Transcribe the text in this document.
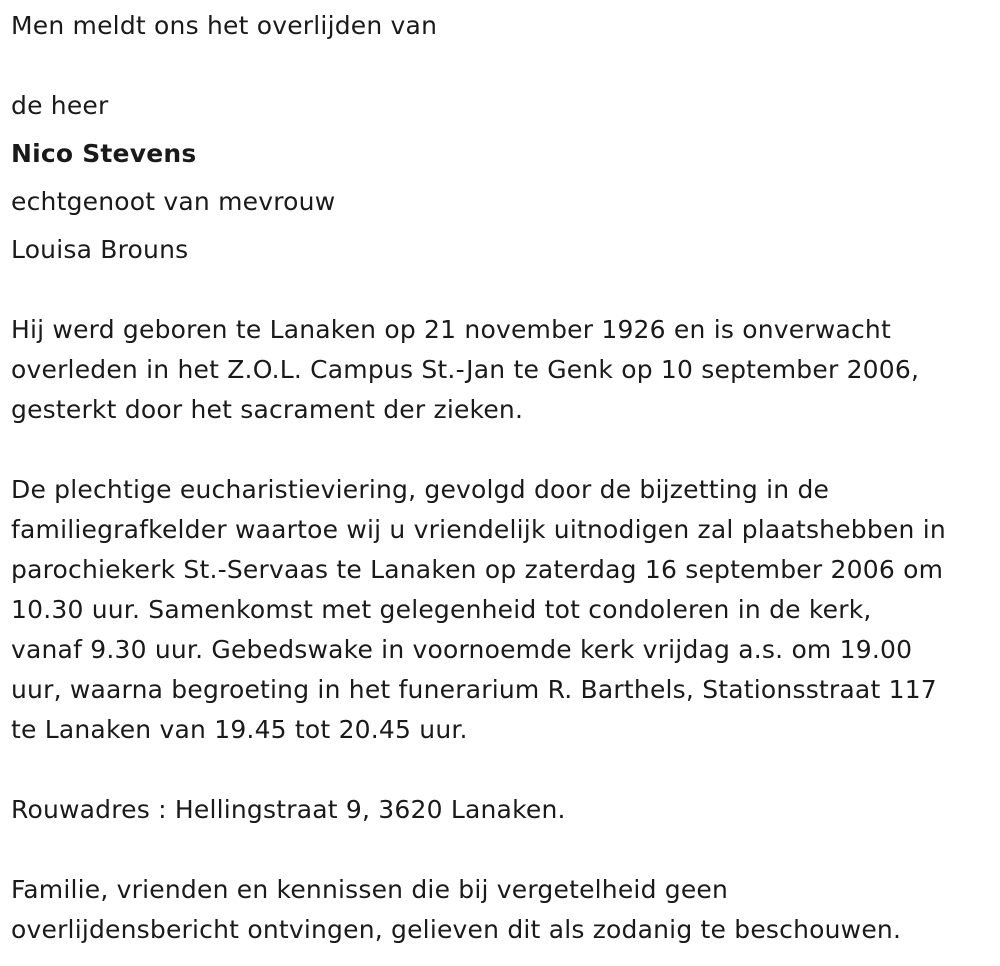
Men meldt ons het overlijden van
de heer
Nico Stevens
echtgenoot van mevrouw
Louisa Brouns
Hij werd geboren te Lanaken op 21 november 1926 en is onverwacht
overleden in het Z.O.L. Campus St.-Jan te Genk op 10 september 2006,
gesterkt door het sacrament der zieken.
De plechtige eucharistieviering, gevolgd door de bijzetting in de
familiegrafkelder waartoe wij u vriendelijk uitnodigen zal plaatshebben in
parochiekerk St.-Servaas te Lanaken op zaterdag 16 september 2006 om
10.30 uur. Samenkomst met gelegenheid tot condoleren in de kerk,
vanaf 9.30 uur. Gebedswake in voornoemde kerk vrijdag a.s. om 19.00
uur, waarna begroeting in het funerarium R. Barthels, Stationsstraat 117
te Lanaken van 19.45 tot 20.45 uur.
Rouwadres : Hellingstraat 9, 3620 Lanaken.
Familie, vrienden en kennissen die bij vergetelheid geen
overlijdensbericht ontvingen, gelieven dit als zodanig te beschouwen.
